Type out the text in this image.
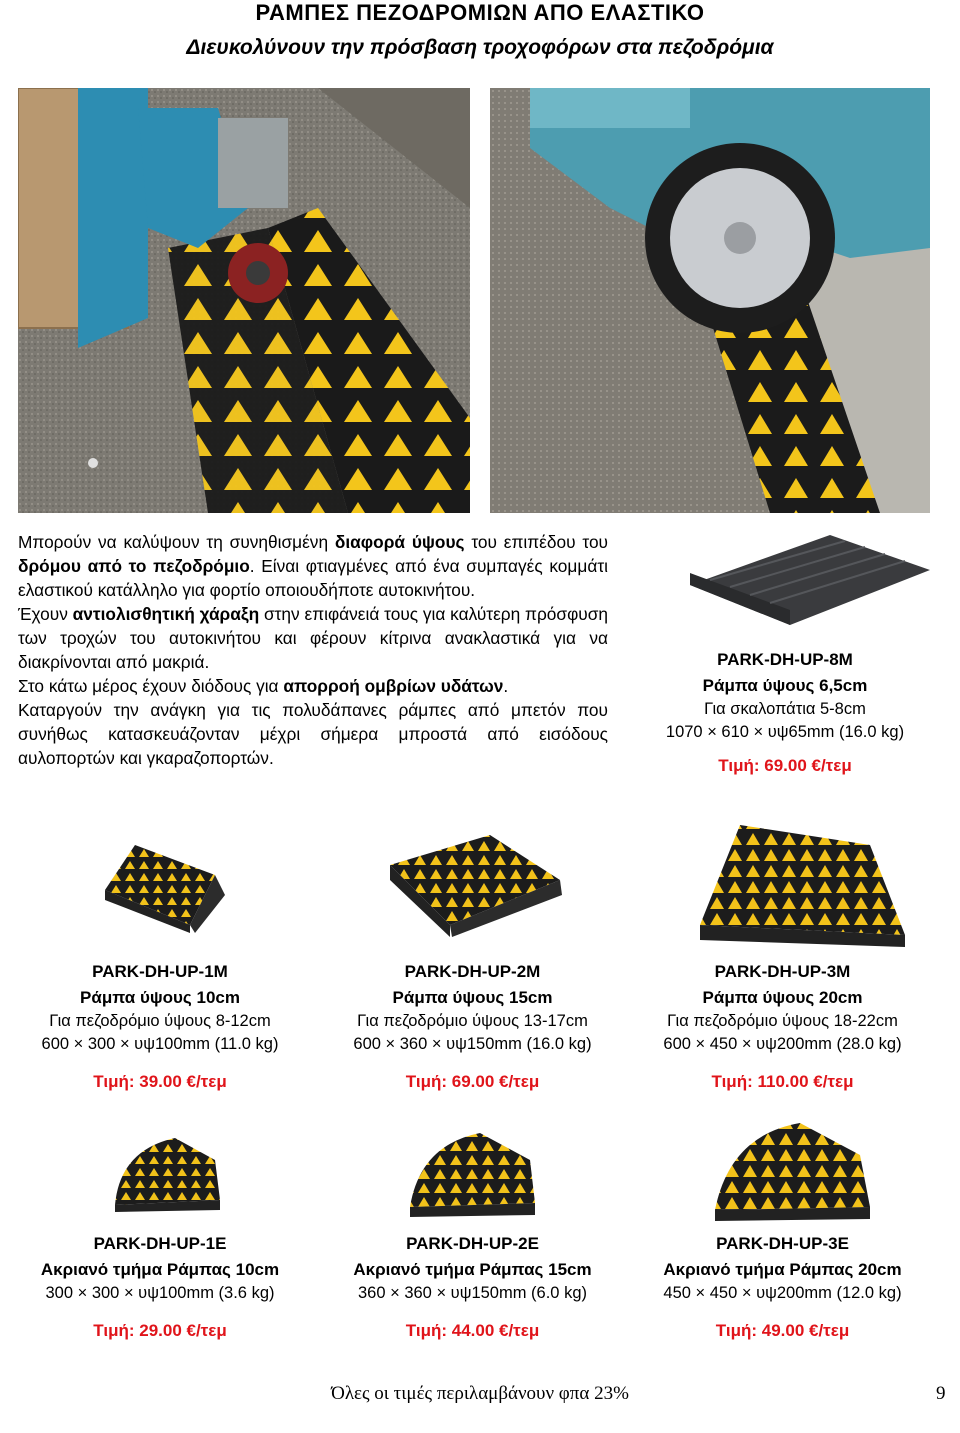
ΡΑΜΠΕΣ ΠΕΖΟΔΡΟΜΙΩΝ ΑΠΟ ΕΛΑΣΤΙΚΟ
Διευκολύνουν την πρόσβαση τροχοφόρων στα πεζοδρόμια

Μπορούν να καλύψουν τη συνηθισμένη διαφορά ύψους του επιπέδου του δρόμου από το πεζοδρόμιο. Είναι φτιαγμένες από ένα συμπαγές κομμάτι ελαστικού κατάλληλο για φορτίο οποιουδήποτε αυτοκινήτου.

Έχουν αντιολισθητική χάραξη στην επιφάνειά τους για καλύτερη πρόσφυση των τροχών του αυτοκινήτου και φέρουν κίτρινα ανακλαστικά για να διακρίνονται από μακριά.

Στο κάτω μέρος έχουν διόδους για απορροή ομβρίων υδάτων.

Καταργούν την ανάγκη για τις πολυδάπανες ράμπες από μπετόν που συνήθως κατασκευάζονταν μέχρι σήμερα μπροστά από εισόδους αυλοπορτών και γκαραζοπορτών.

PARK-DH-UP-8M
Ράμπα ύψους 6,5cm
Για σκαλοπάτια 5-8cm
1070 × 610 × υψ65mm (16.0 kg)
Τιμή: 69.00 €/τεμ
PARK-DH-UP-1M
Ράμπα ύψους 10cm
Για πεζοδρόμιο ύψους 8-12cm
600 × 300 × υψ100mm (11.0 kg)
Τιμή: 39.00 €/τεμ
PARK-DH-UP-2M
Ράμπα ύψους 15cm
Για πεζοδρόμιο ύψους 13-17cm
600 × 360 × υψ150mm (16.0 kg)
Τιμή: 69.00 €/τεμ
PARK-DH-UP-3M
Ράμπα ύψους 20cm
Για πεζοδρόμιο ύψους 18-22cm
600 × 450 × υψ200mm (28.0 kg)
Τιμή: 110.00 €/τεμ
PARK-DH-UP-1E
Ακριανό τμήμα Ράμπας 10cm
300 × 300 × υψ100mm (3.6 kg)
Τιμή: 29.00 €/τεμ
PARK-DH-UP-2E
Ακριανό τμήμα Ράμπας 15cm
360 × 360 × υψ150mm (6.0 kg)
Τιμή: 44.00 €/τεμ
PARK-DH-UP-3E
Ακριανό τμήμα Ράμπας 20cm
450 × 450 × υψ200mm (12.0 kg)
Τιμή: 49.00 €/τεμ
Όλες οι τιμές περιλαμβάνουν φπα 23%	9
